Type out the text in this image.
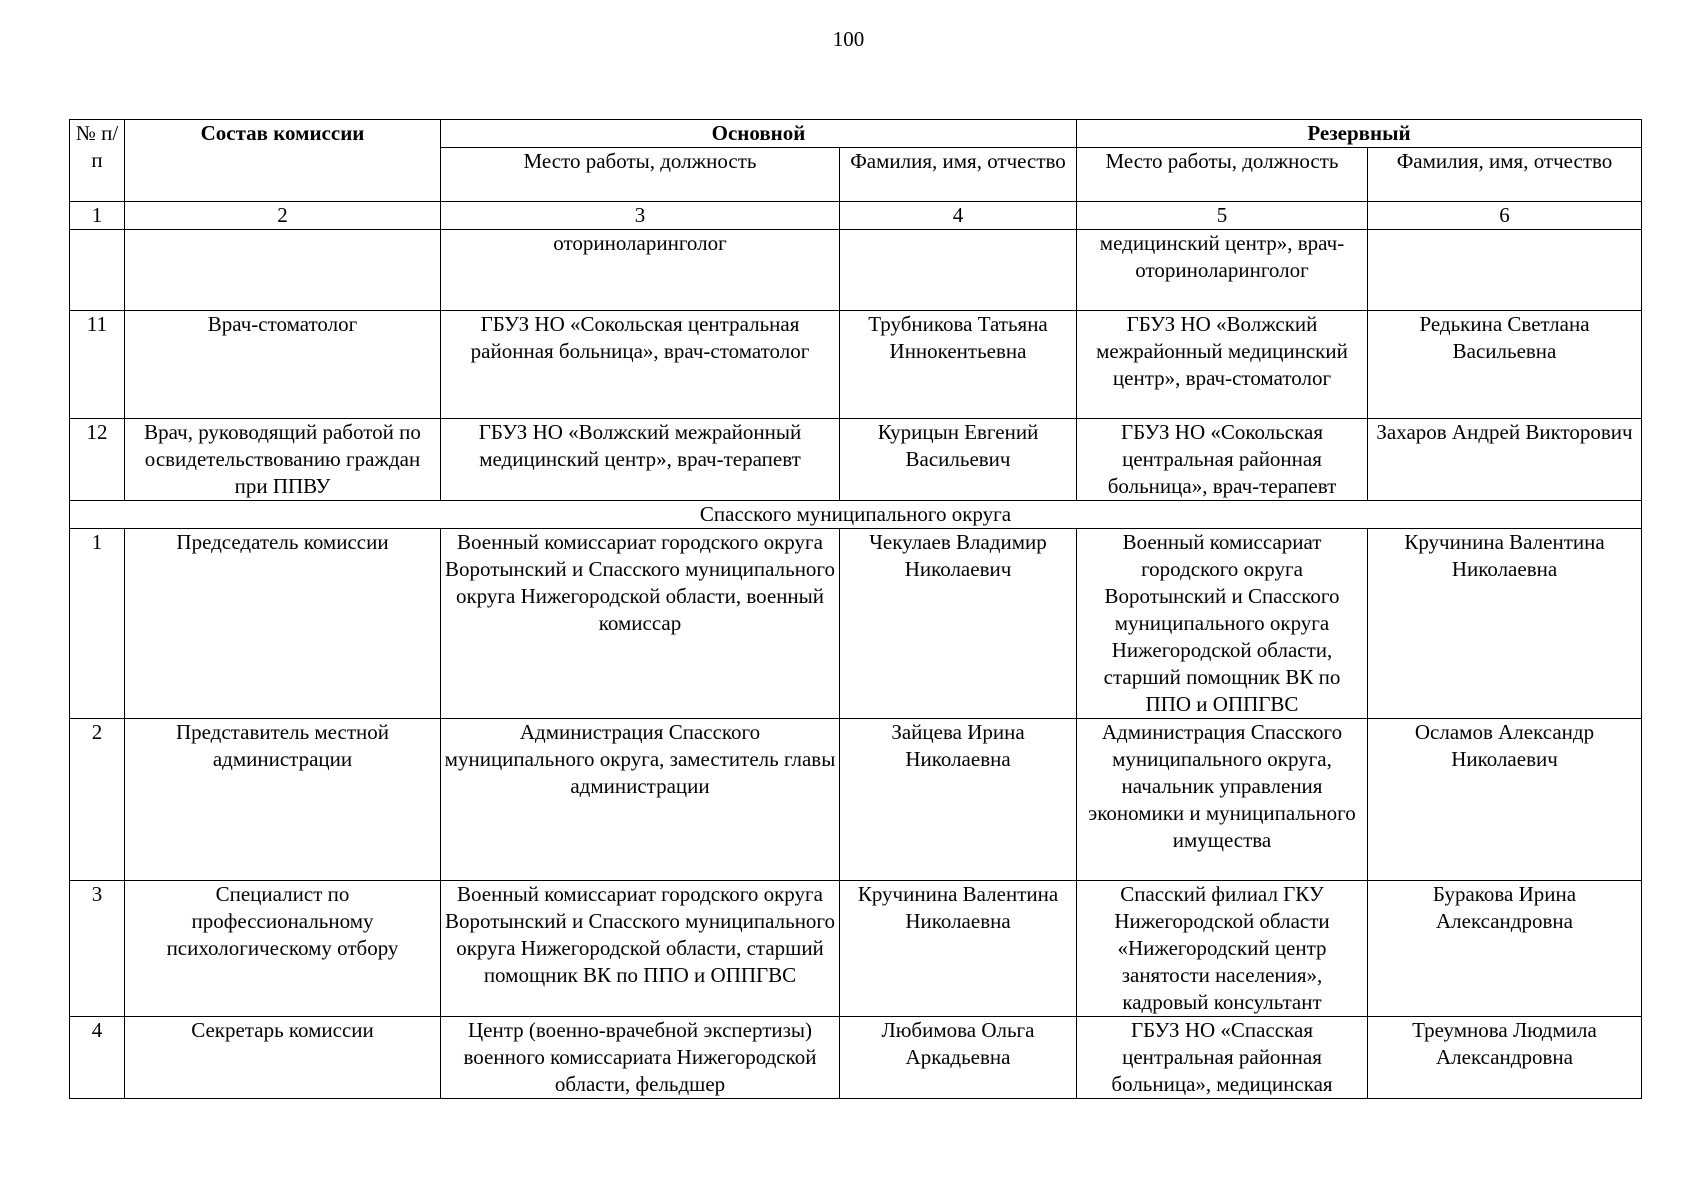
100
№ п/п	Состав комиссии	Основной		Резервный	
		Место работы, должность	Фамилия, имя, отчество	Место работы, должность	Фамилия, имя, отчество
1	2	3	4	5	6
		оториноларинголог		медицинский центр», врач-оториноларинголог	
11	Врач-стоматолог	ГБУЗ НО «Сокольская центральная районная больница», врач-стоматолог	Трубникова Татьяна Иннокентьевна	ГБУЗ НО «Волжский межрайонный медицинский центр», врач-стоматолог	Редькина Светлана Васильевна
12	Врач, руководящий работой по освидетельствованию граждан при ППВУ	ГБУЗ НО «Волжский межрайонный медицинский центр», врач-терапевт	Курицын Евгений Васильевич	ГБУЗ НО «Сокольская центральная районная больница», врач-терапевт	Захаров Андрей Викторович
Спасского муниципального округа					
1	Председатель комиссии	Военный комиссариат городского округа Воротынский и Спасского муниципального округа Нижегородской области, военный комиссар	Чекулаев Владимир Николаевич	Военный комиссариат городского округа Воротынский и Спасского муниципального округа Нижегородской области, старший помощник ВК по ППО и ОППГВС	Кручинина Валентина Николаевна
2	Представитель местной администрации	Администрация Спасского муниципального округа, заместитель главы администрации	Зайцева Ирина Николаевна	Администрация Спасского муниципального округа, начальник управления экономики и муниципального имущества	Осламов Александр Николаевич
3	Специалист по профессиональному психологическому отбору	Военный комиссариат городского округа Воротынский и Спасского муниципального округа Нижегородской области, старший помощник ВК по ППО и ОППГВС	Кручинина Валентина Николаевна	Спасский филиал ГКУ Нижегородской области «Нижегородский центр занятости населения», кадровый консультант	Буракова Ирина Александровна
4	Секретарь комиссии	Центр (военно-врачебной экспертизы) военного комиссариата Нижегородской области, фельдшер	Любимова Ольга Аркадьевна	ГБУЗ НО «Спасская центральная районная больница», медицинская	Треумнова Людмила Александровна
